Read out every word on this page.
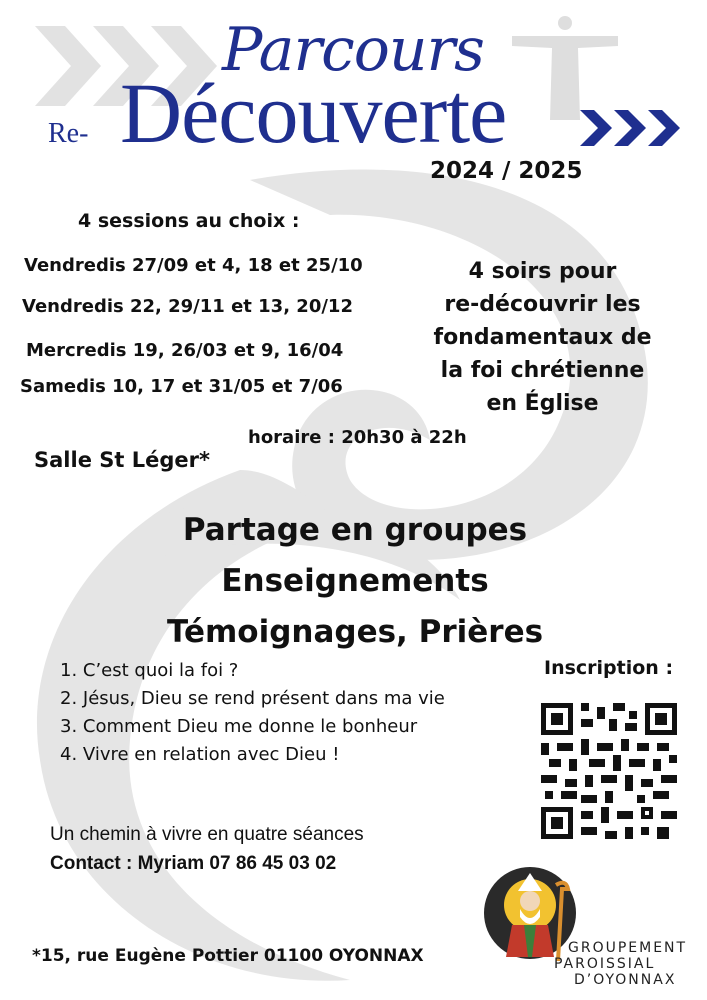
Parcours
Découverte
Re-
2024 / 2025
4 sessions au choix :
Vendredis 27/09 et 4, 18 et 25/10
Vendredis 22, 29/11 et 13, 20/12
Mercredis 19, 26/03 et 9, 16/04
Samedis 10, 17 et 31/05 et 7/06
4 soirs pour
re-découvrir les
fondamentaux de
la foi chrétienne
en Église
horaire : 20h30 à 22h
Salle St Léger*
Partage en groupes
Enseignements
Témoignages, Prières
1. C’est quoi la foi ?
2. Jésus, Dieu se rend présent dans ma vie
3. Comment Dieu me donne le bonheur
4. Vivre en relation avec Dieu !
Inscription :
Un chemin à vivre en quatre séances
Contact : Myriam 07 86 45 03 02
*15, rue Eugène Pottier 01100 OYONNAX	GROUPEMENT
PAROISSIAL
D’OYONNAX
